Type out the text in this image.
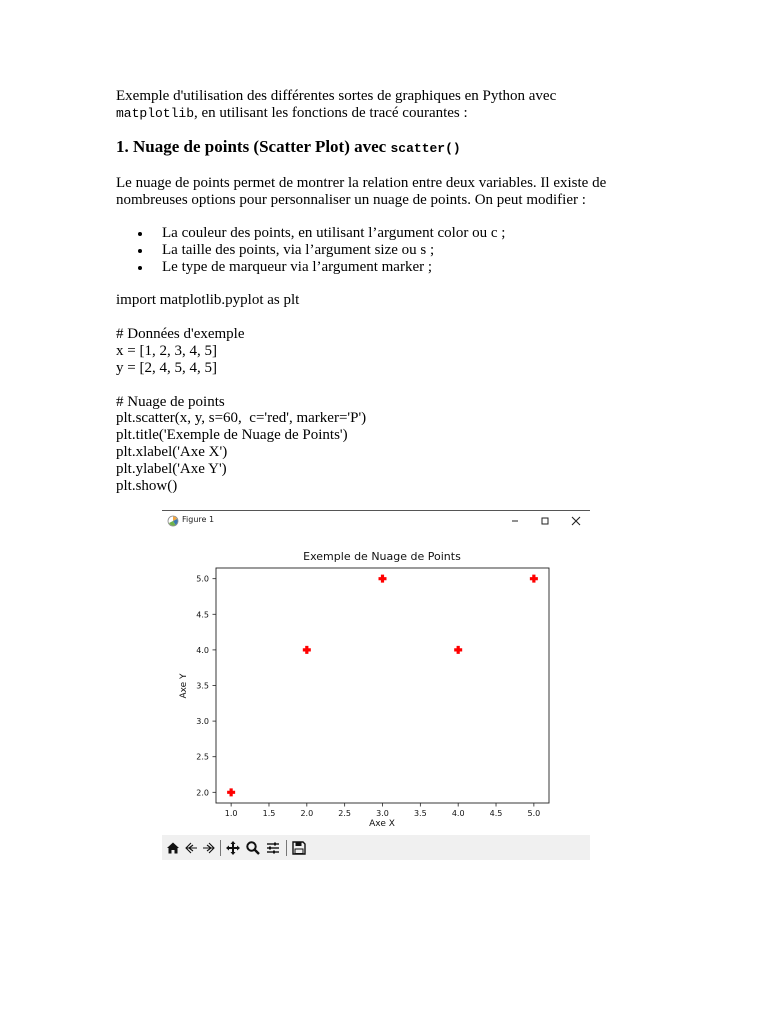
Exemple d'utilisation des différentes sortes de graphiques en Python avec
matplotlib, en utilisant les fonctions de tracé courantes :
1. Nuage de points (Scatter Plot) avec scatter()
Le nuage de points permet de montrer la relation entre deux variables. Il existe de
nombreuses options pour personnaliser un nuage de points. On peut modifier :
La couleur des points, en utilisant l’argument color ou c ;
La taille des points, via l’argument size ou s ;
Le type de marqueur via l’argument marker ;
import matplotlib.pyplot as plt
# Données d'exemple
x = [1, 2, 3, 4, 5]
y = [2, 4, 5, 4, 5]
# Nuage de points
plt.scatter(x, y, s=60,  c='red', marker='P')
plt.title('Exemple de Nuage de Points')
plt.xlabel('Axe X')
plt.ylabel('Axe Y')
plt.show()
Figure 1
Exemple de Nuage de Points
1.0	1.5	2.0	2.5	3.0	3.5	4.0	4.5	5.0
2.0
2.5
3.0
3.5
4.0
4.5
5.0
Axe X
Axe Y
